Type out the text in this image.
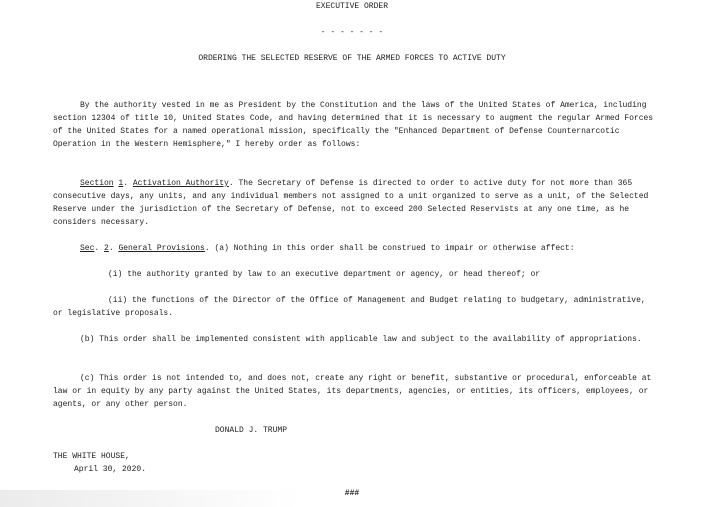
EXECUTIVE ORDER
- - - - - - -
ORDERING THE SELECTED RESERVE OF THE ARMED FORCES TO ACTIVE DUTY
By the authority vested in me as President by the Constitution and the laws of the United States of America, including section 12304 of title 10, United States Code, and having determined that it is necessary to augment the regular Armed Forces of the United States for a named operational mission, specifically the "Enhanced Department of Defense Counternarcotic Operation in the Western Hemisphere," I hereby order as follows:
Section 1. Activation Authority. The Secretary of Defense is directed to order to active duty for not more than 365 consecutive days, any units, and any individual members not assigned to a unit organized to serve as a unit, of the Selected Reserve under the jurisdiction of the Secretary of Defense, not to exceed 200 Selected Reservists at any one time, as he considers necessary.
Sec. 2. General Provisions. (a) Nothing in this order shall be construed to impair or otherwise affect:
(i) the authority granted by law to an executive department or agency, or head thereof; or
(ii) the functions of the Director of the Office of Management and Budget relating to budgetary, administrative, or legislative proposals.
(b) This order shall be implemented consistent with applicable law and subject to the availability of appropriations.
(c) This order is not intended to, and does not, create any right or benefit, substantive or procedural, enforceable at law or in equity by any party against the United States, its departments, agencies, or entities, its officers, employees, or agents, or any other person.
DONALD J. TRUMP
THE WHITE HOUSE,
April 30, 2020.
###
